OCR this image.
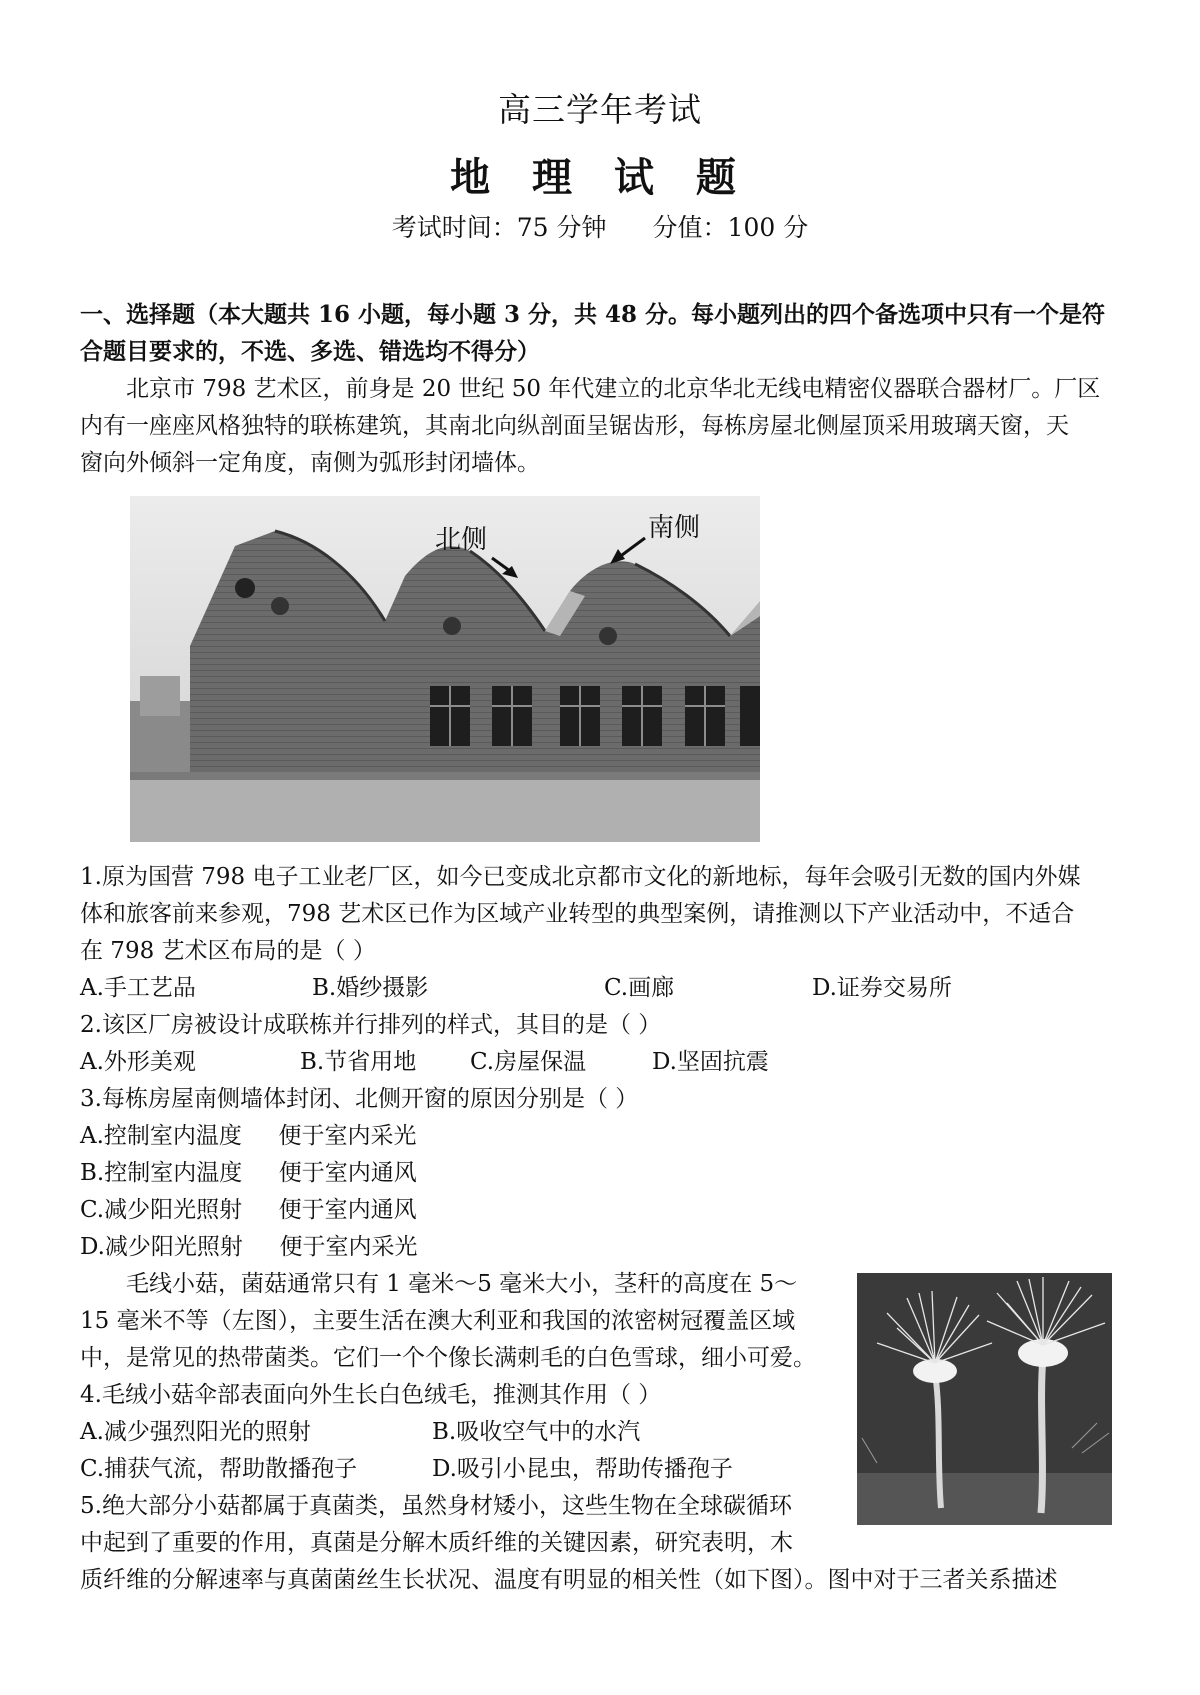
高三学年考试
地 理 试 题
考试时间：75 分钟 分值：100 分
一、选择题（本大题共 16 小题，每小题 3 分，共 48 分。每小题列出的四个备选项中只有一个是符
合题目要求的，不选、多选、错选均不得分）
北京市 798 艺术区，前身是 20 世纪 50 年代建立的北京华北无线电精密仪器联合器材厂。厂区
内有一座座风格独特的联栋建筑，其南北向纵剖面呈锯齿形，每栋房屋北侧屋顶采用玻璃天窗，天
窗向外倾斜一定角度，南侧为弧形封闭墙体。
北侧	南侧
1.原为国营 798 电子工业老厂区，如今已变成北京都市文化的新地标，每年会吸引无数的国内外媒
体和旅客前来参观，798 艺术区已作为区域产业转型的典型案例，请推测以下产业活动中，不适合
在 798 艺术区布局的是（ ）
A.手工艺品	B.婚纱摄影	C.画廊	D.证券交易所
2.该区厂房被设计成联栋并行排列的样式，其目的是（ ）
A.外形美观	B.节省用地 C.房屋保温	D.坚固抗震
3.每栋房屋南侧墙体封闭、北侧开窗的原因分别是（ ）
A.控制室内温度     便于室内采光
B.控制室内温度     便于室内通风
C.减少阳光照射     便于室内通风
D.减少阳光照射     便于室内采光
毛线小菇，菌菇通常只有 1 毫米～5 毫米大小，茎秆的高度在 5～
15 毫米不等（左图），主要生活在澳大利亚和我国的浓密树冠覆盖区域
中，是常见的热带菌类。它们一个个像长满刺毛的白色雪球，细小可爱。
4.毛绒小菇伞部表面向外生长白色绒毛，推测其作用（ ）
A.减少强烈阳光的照射	B.吸收空气中的水汽
C.捕获气流，帮助散播孢子	D.吸引小昆虫，帮助传播孢子
5.绝大部分小菇都属于真菌类，虽然身材矮小，这些生物在全球碳循环
中起到了重要的作用，真菌是分解木质纤维的关键因素，研究表明，木
质纤维的分解速率与真菌菌丝生长状况、温度有明显的相关性（如下图）。图中对于三者关系描述
